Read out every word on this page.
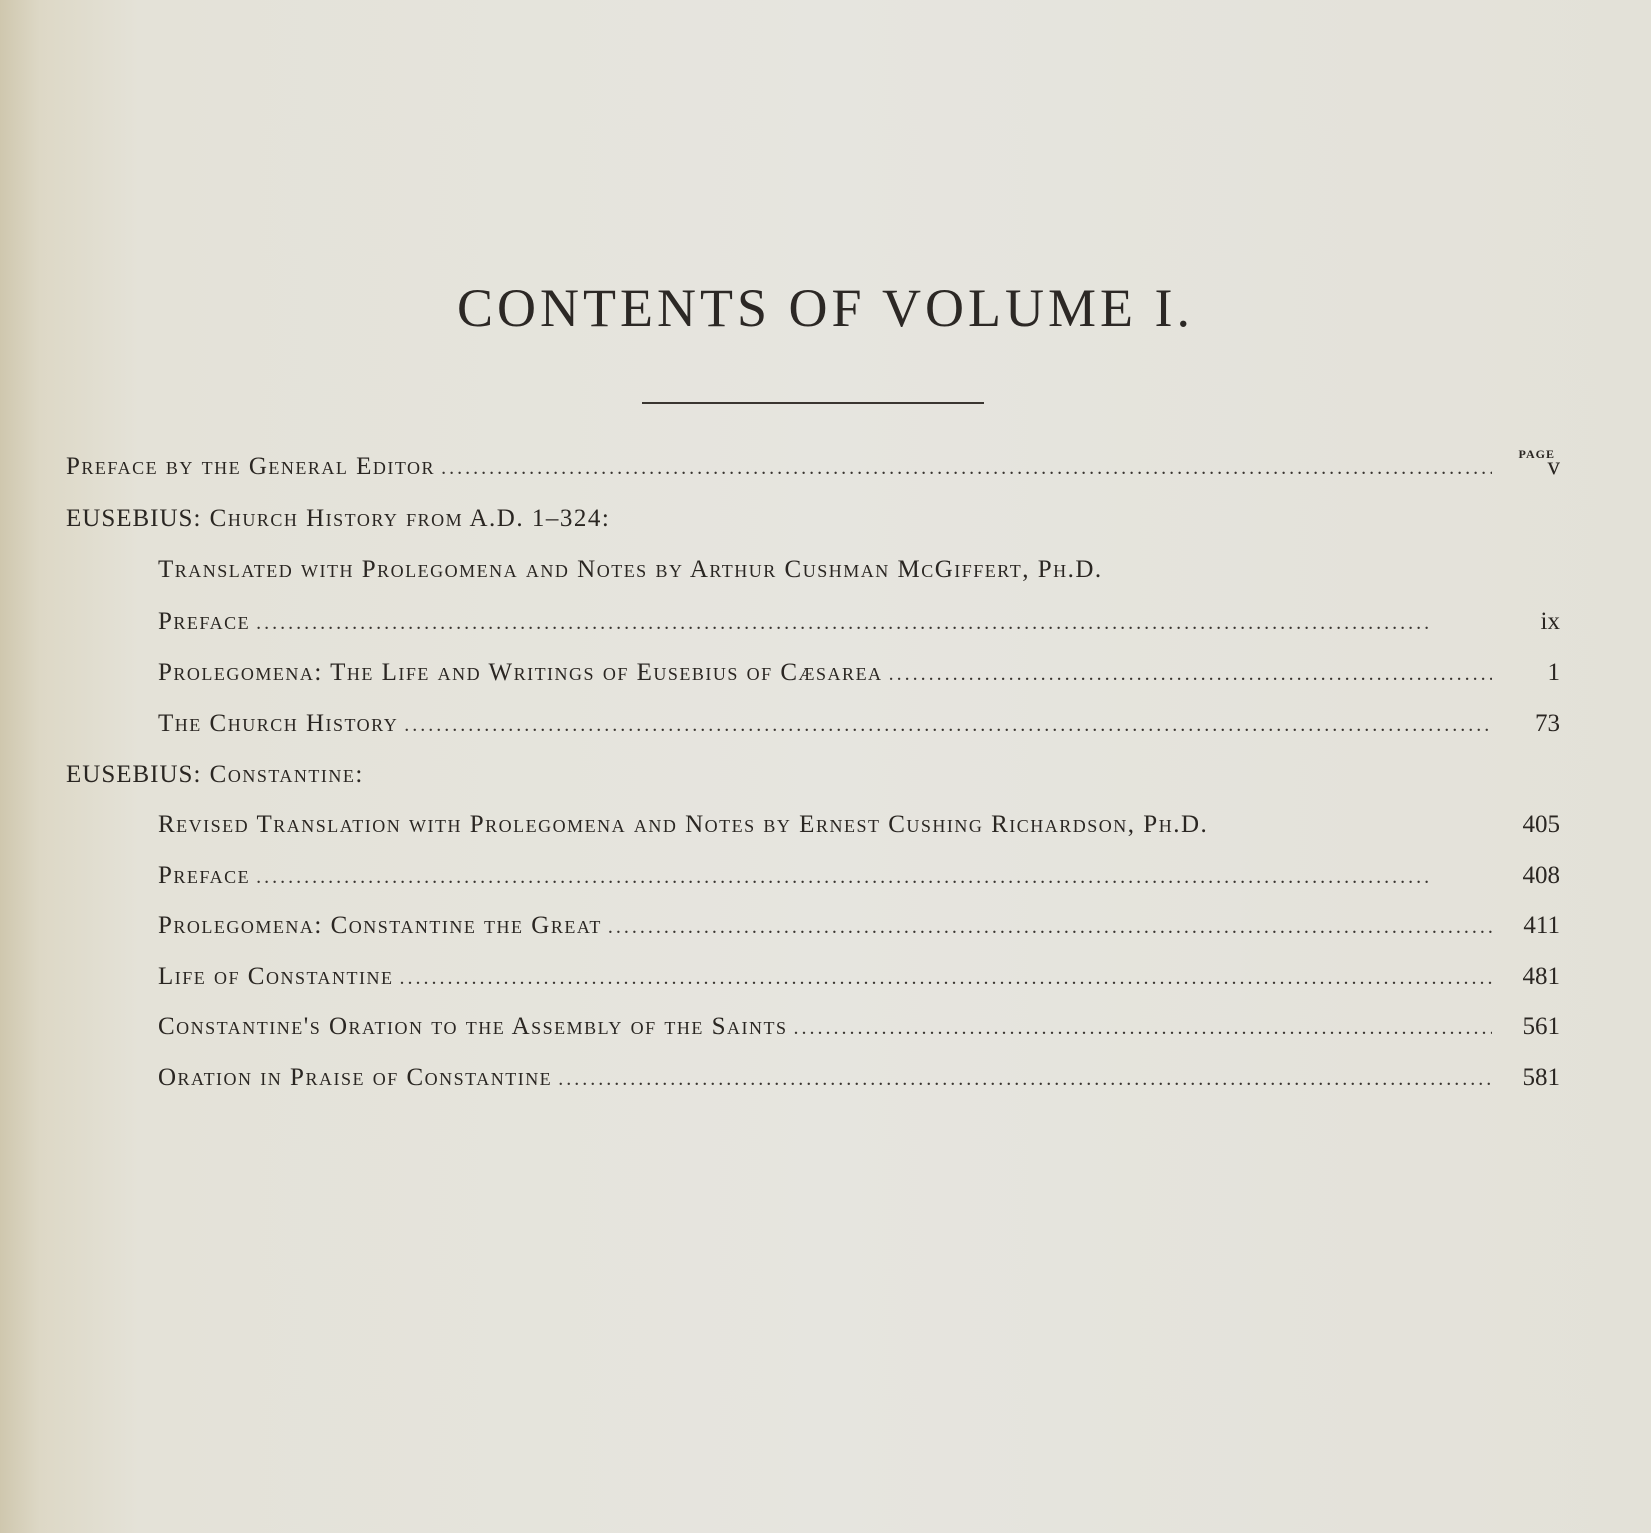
CONTENTS OF VOLUME I.
page
Preface by the General Editor . . .	v
EUSEBIUS : Church History from A.D. 1–324:
Translated with Prolegomena and Notes by Arthur Cushman McGiffert, Ph.D.
Preface . . .	ix
Prolegomena: The Life and Writings of Eusebius of Cæsarea . . .	1
The Church History . . .	73
EUSEBIUS : Constantine:
Revised Translation with Prolegomena and Notes by Ernest Cushing Richardson, Ph.D.	405
Preface . . .	408
Prolegomena: Constantine the Great . . .	411
Life of Constantine . . .	481
Constantine's Oration to the Assembly of the Saints . . .	561
Oration in Praise of Constantine . . .	581
